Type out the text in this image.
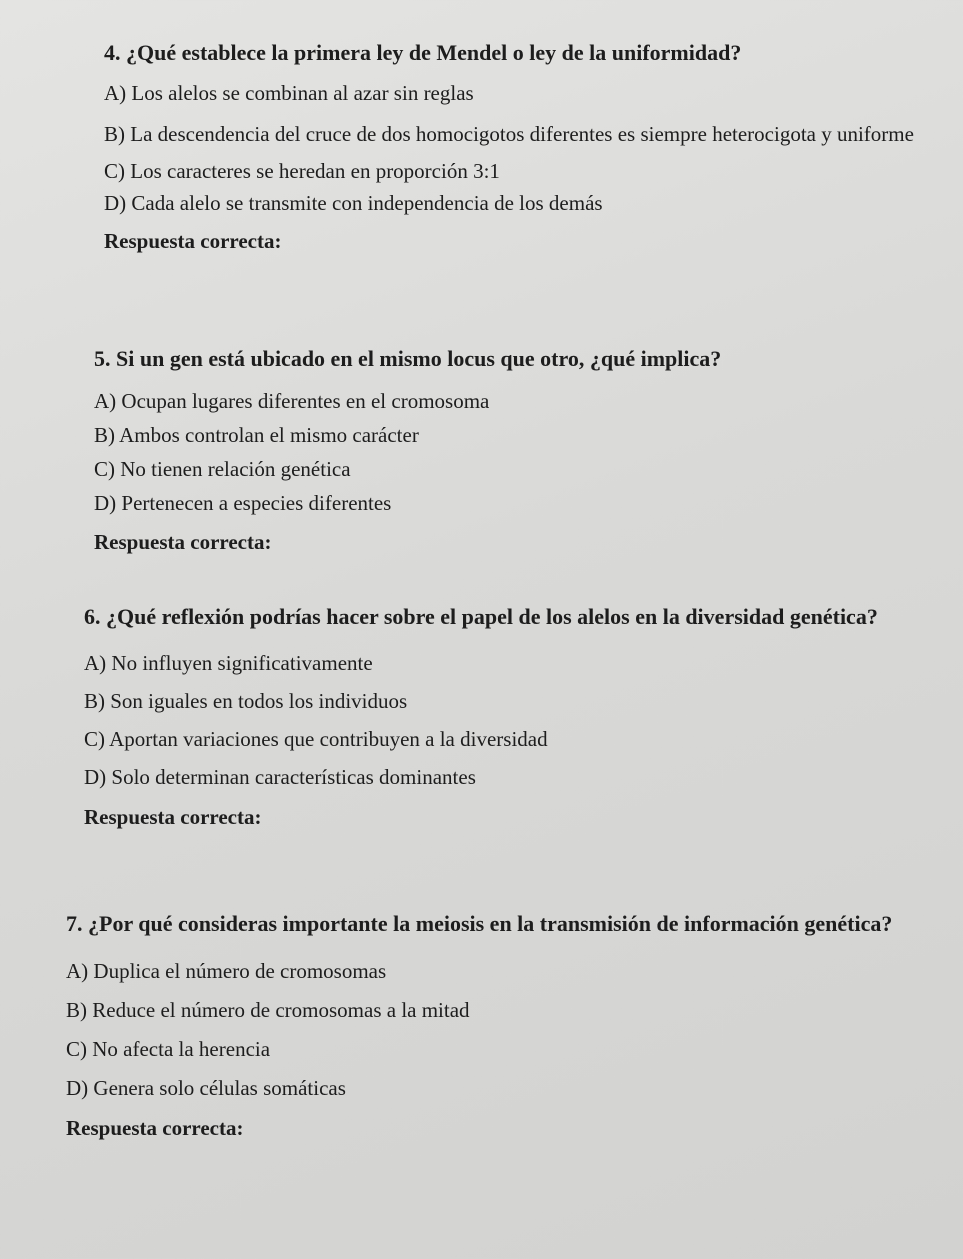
4. ¿Qué establece la primera ley de Mendel o ley de la uniformidad?

A) Los alelos se combinan al azar sin reglas

B) La descendencia del cruce de dos homocigotos diferentes es siempre heterocigota y uniforme

C) Los caracteres se heredan en proporción 3:1

D) Cada alelo se transmite con independencia de los demás

Respuesta correcta:

5. Si un gen está ubicado en el mismo locus que otro, ¿qué implica?

A) Ocupan lugares diferentes en el cromosoma

B) Ambos controlan el mismo carácter

C) No tienen relación genética

D) Pertenecen a especies diferentes

Respuesta correcta:

6. ¿Qué reflexión podrías hacer sobre el papel de los alelos en la diversidad genética?

A) No influyen significativamente

B) Son iguales en todos los individuos

C) Aportan variaciones que contribuyen a la diversidad

D) Solo determinan características dominantes

Respuesta correcta:

7. ¿Por qué consideras importante la meiosis en la transmisión de información genética?

A) Duplica el número de cromosomas

B) Reduce el número de cromosomas a la mitad

C) No afecta la herencia

D) Genera solo células somáticas

Respuesta correcta:
